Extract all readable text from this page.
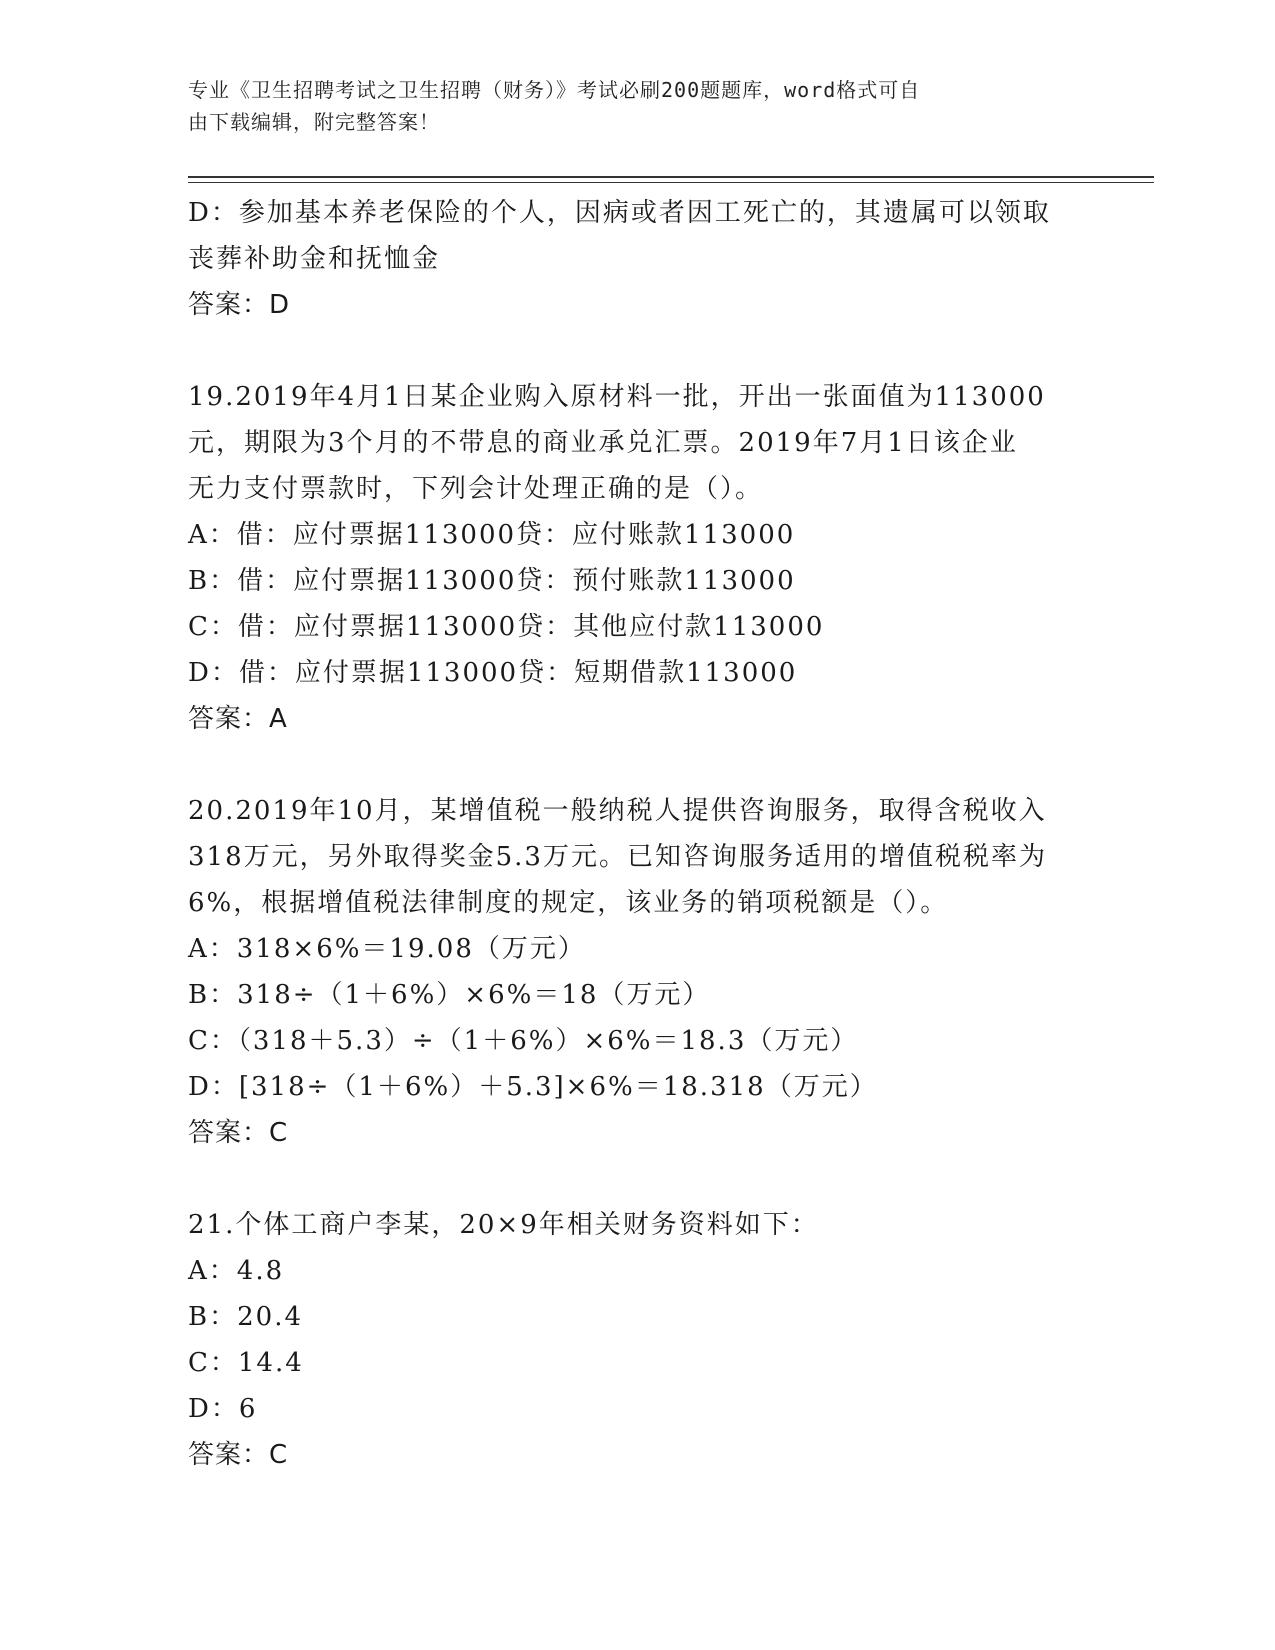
专业《卫生招聘考试之卫生招聘（财务）》考试必刷200题题库，word格式可自
由下载编辑，附完整答案！
D：参加基本养老保险的个人，因病或者因工死亡的，其遗属可以领取
丧葬补助金和抚恤金
答案：D
19.2019年4月1日某企业购入原材料一批，开出一张面值为113000
元，期限为3个月的不带息的商业承兑汇票。2019年7月1日该企业
无力支付票款时，下列会计处理正确的是（）。
A：借：应付票据113000贷：应付账款113000
B：借：应付票据113000贷：预付账款113000
C：借：应付票据113000贷：其他应付款113000
D：借：应付票据113000贷：短期借款113000
答案：A
20.2019年10月，某增值税一般纳税人提供咨询服务，取得含税收入
318万元，另外取得奖金5.3万元。已知咨询服务适用的增值税税率为
6%，根据增值税法律制度的规定，该业务的销项税额是（）。
A：318×6%＝19.08（万元）
B：318÷（1＋6%）×6%＝18（万元）
C：（318＋5.3）÷（1＋6%）×6%＝18.3（万元）
D：[318÷（1＋6%）＋5.3]×6%＝18.318（万元）
答案：C
21.个体工商户李某，20×9年相关财务资料如下：
A：4.8
B：20.4
C：14.4
D：6
答案：C
